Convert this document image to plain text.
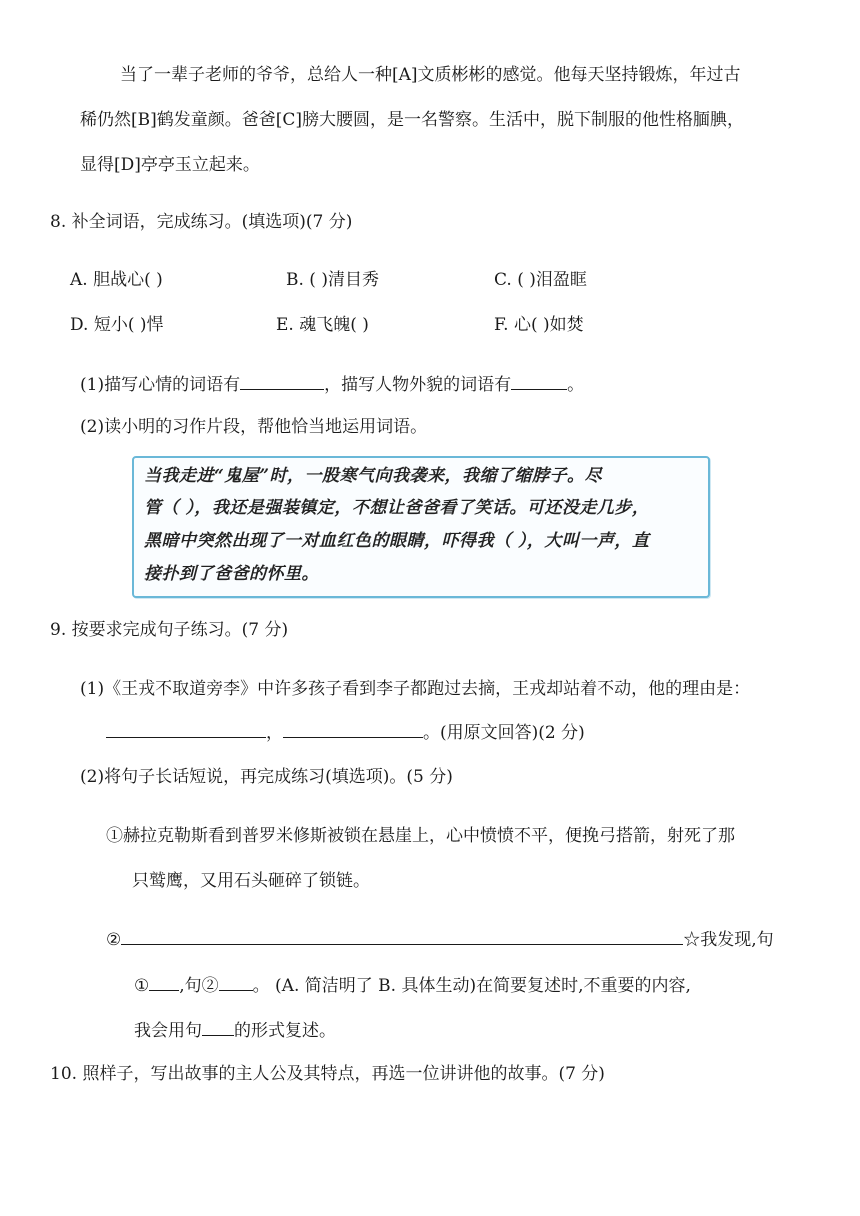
当了一辈子老师的爷爷，总给人一种[A]文质彬彬的感觉。他每天坚持锻炼，年过古
稀仍然[B]鹤发童颜。爸爸[C]膀大腰圆，是一名警察。生活中，脱下制服的他性格腼腆，
显得[D]亭亭玉立起来。
8. 补全词语，完成练习。(填选项)(7 分)
A. 胆战心( )	B. ( )清目秀	C. ( )泪盈眶
D. 短小( )悍	E. 魂飞魄( )	F. 心( )如焚
(1)描写心情的词语有	，描写人物外貌的词语有	。
(2)读小明的习作片段，帮他恰当地运用词语。
当我走进“鬼屋”时，一股寒气向我袭来，我缩了缩脖子。尽
管（ ），我还是强装镇定，不想让爸爸看了笑话。可还没走几步，
黑暗中突然出现了一对血红色的眼睛，吓得我（ ），大叫一声，直
接扑到了爸爸的怀里。
9. 按要求完成句子练习。(7 分)
(1)《王戎不取道旁李》中许多孩子看到李子都跑过去摘，王戎却站着不动，他的理由是：
，	。(用原文回答)(2 分)
(2)将句子长话短说，再完成练习(填选项)。(5 分)
①赫拉克勒斯看到普罗米修斯被锁在悬崖上，心中愤愤不平，便挽弓搭箭，射死了那
只鹫鹰，又用石头砸碎了锁链。
②	☆我发现,句
① ,句② 。 (A. 简洁明了 B. 具体生动)在简要复述时,不重要的内容,
我会用句 的形式复述。
10. 照样子，写出故事的主人公及其特点，再选一位讲讲他的故事。(7 分)
